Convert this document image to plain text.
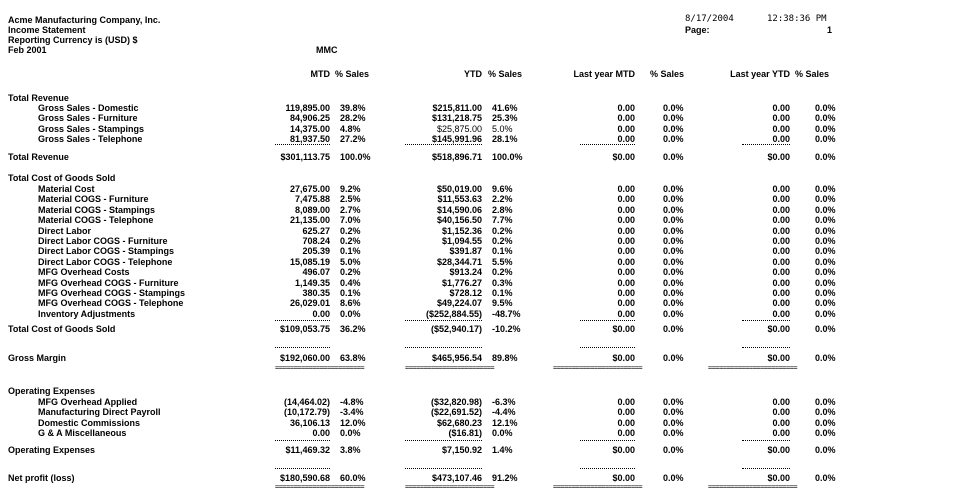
Acme Manufacturing Company, Inc.
Income Statement
Reporting Currency is (USD) $
Feb 2001	MMC
8/17/2004	12:38:36 PM
Page:	1
MTD % Sales	YTD % Sales	Last year MTD % Sales	Last year YTD % Sales
Total Revenue
Total Cost of Goods Sold
Operating Expenses
Gross Sales - Domestic	119,895.00 39.8%	$215,811.00 41.6%	0.00	0.0%	0.00	0.0%
Gross Sales - Furniture	84,906.25 28.2%	$131,218.75 25.3%	0.00	0.0%	0.00	0.0%
Gross Sales - Stampings	14,375.00 4.8%	$25,875.00 5.0%	0.00	0.0%	0.00	0.0%
Gross Sales - Telephone	81,937.50 27.2%	$145,991.96 28.1%	0.00	0.0%	0.00	0.0%
Total Revenue	$301,113.75 100.0%	$518,896.71 100.0%	$0.00	0.0%	$0.00	0.0%
Material Cost	27,675.00 9.2%	$50,019.00 9.6%	0.00	0.0%	0.00	0.0%
Material COGS - Furniture	7,475.88 2.5%	$11,553.63 2.2%	0.00	0.0%	0.00	0.0%
Material COGS - Stampings	8,089.00 2.7%	$14,590.06 2.8%	0.00	0.0%	0.00	0.0%
Material COGS - Telephone	21,135.00 7.0%	$40,156.50 7.7%	0.00	0.0%	0.00	0.0%
Direct Labor	625.27 0.2%	$1,152.36 0.2%	0.00	0.0%	0.00	0.0%
Direct Labor COGS - Furniture	708.24 0.2%	$1,094.55 0.2%	0.00	0.0%	0.00	0.0%
Direct Labor COGS - Stampings	205.39 0.1%	$391.87 0.1%	0.00	0.0%	0.00	0.0%
Direct Labor COGS - Telephone	15,085.19 5.0%	$28,344.71 5.5%	0.00	0.0%	0.00	0.0%
MFG Overhead Costs	496.07 0.2%	$913.24 0.2%	0.00	0.0%	0.00	0.0%
MFG Overhead COGS - Furniture	1,149.35 0.4%	$1,776.27 0.3%	0.00	0.0%	0.00	0.0%
MFG Overhead COGS - Stampings	380.35 0.1%	$728.12 0.1%	0.00	0.0%	0.00	0.0%
MFG Overhead COGS - Telephone	26,029.01 8.6%	$49,224.07 9.5%	0.00	0.0%	0.00	0.0%
Inventory Adjustments	0.00 0.0%	($252,884.55) -48.7%	0.00	0.0%	0.00	0.0%
Total Cost of Goods Sold	$109,053.75 36.2%	($52,940.17) -10.2%	$0.00	0.0%	$0.00	0.0%
Gross Margin	$192,060.00 63.8%	$465,956.54 89.8%	$0.00	0.0%	$0.00	0.0%
========================	========================	========================	========================
MFG Overhead Applied	(14,464.02) -4.8%	($32,820.98) -6.3%	0.00	0.0%	0.00	0.0%
Manufacturing Direct Payroll	(10,172.79) -3.4%	($22,691.52) -4.4%	0.00	0.0%	0.00	0.0%
Domestic Commissions	36,106.13 12.0%	$62,680.23 12.1%	0.00	0.0%	0.00	0.0%
G & A Miscellaneous	0.00 0.0%	($16.81) 0.0%	0.00	0.0%	0.00	0.0%
Operating Expenses	$11,469.32 3.8%	$7,150.92 1.4%	$0.00	0.0%	$0.00	0.0%
Net profit (loss)	$180,590.68 60.0%	$473,107.46 91.2%	$0.00	0.0%	$0.00	0.0%
========================	========================	========================	========================
